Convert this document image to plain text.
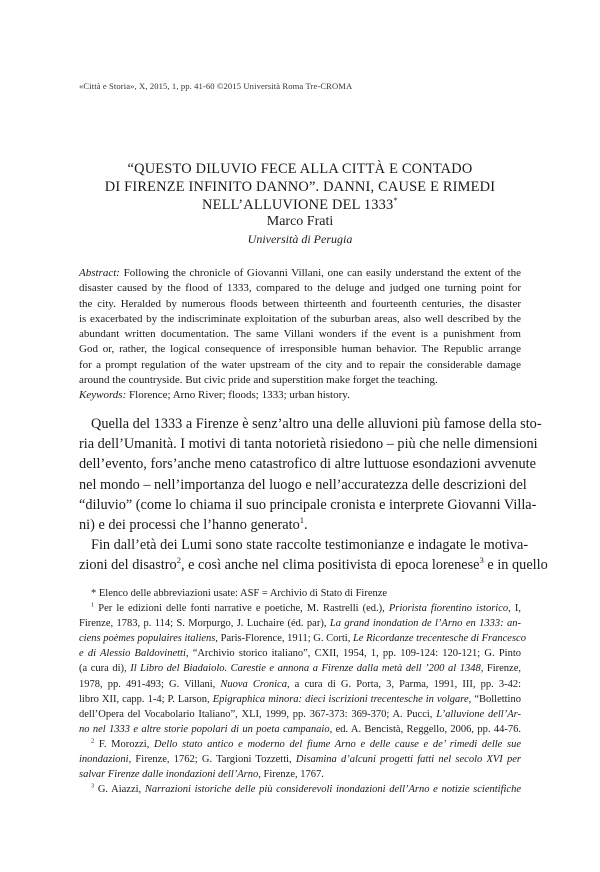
«Città e Storia», X, 2015, 1, pp. 41-60 ©2015 Università Roma Tre-CROMA
“QUESTO DILUVIO FECE ALLA CITTÀ E CONTADO
DI FIRENZE INFINITO DANNO”. DANNI, CAUSE E RIMEDI
NELL’ALLUVIONE DEL 1333*
Marco Frati
Università di Perugia
Abstract: Following the chronicle of Giovanni Villani, one can easily understand the extent of the
disaster caused by the flood of 1333, compared to the deluge and judged one turning point for
the city. Heralded by numerous floods between thirteenth and fourteenth centuries, the disaster
is exacerbated by the indiscriminate exploitation of the suburban areas, also well described by the
abundant written documentation. The same Villani wonders if the event is a punishment from
God or, rather, the logical consequence of irresponsible human behavior. The Republic arrange
for a prompt regulation of the water upstream of the city and to repair the considerable damage
around the countryside. But civic pride and superstition make forget the teaching.
Keywords: Florence; Arno River; floods; 1333; urban history.
Quella del 1333 a Firenze è senz’altro una delle alluvioni più famose della sto-
ria dell’Umanità. I motivi di tanta notorietà risiedono – più che nelle dimensioni
dell’evento, fors’anche meno catastrofico di altre luttuose esondazioni avvenute
nel mondo – nell’importanza del luogo e nell’accuratezza delle descrizioni del
“diluvio” (come lo chiama il suo principale cronista e interprete Giovanni Villa-
ni) e dei processi che l’hanno generato$^1$.
Fin dall’età dei Lumi sono state raccolte testimonianze e indagate le motiva-
zioni del disastro$^2$, e così anche nel clima positivista di epoca lorenese$^3$ e in quello
* Elenco delle abbreviazioni usate: ASF = Archivio di Stato di Firenze
$^1$ Per le edizioni delle fonti narrative e poetiche, M. Rastrelli (ed.), Priorista fiorentino istorico, I,
Firenze, 1783, p. 114; S. Morpurgo, J. Luchaire (éd. par), La grand inondation de l’Arno en 1333: an-
ciens poèmes populaires italiens, Paris-Florence, 1911; G. Corti, Le Ricordanze trecentesche di Francesco
e di Alessio Baldovinetti, “Archivio storico italiano”, CXII, 1954, 1, pp. 109-124: 120-121; G. Pinto
(a cura di), Il Libro del Biadaiolo. Carestie e annona a Firenze dalla metà dell ’200 al 1348, Firenze,
1978, pp. 491-493; G. Villani, Nuova Cronica, a cura di G. Porta, 3, Parma, 1991, III, pp. 3-42:
libro XII, capp. 1-4; P. Larson, Epigraphica minora: dieci iscrizioni trecentesche in volgare, “Bollettino
dell’Opera del Vocabolario Italiano”, XLI, 1999, pp. 367-373: 369-370; A. Pucci, L’alluvione dell’Ar-
no nel 1333 e altre storie popolari di un poeta campanaio, ed. A. Bencistà, Reggello, 2006, pp. 44-76.
$^2$ F. Morozzi, Dello stato antico e moderno del fiume Arno e delle cause e de’ rimedi delle sue
inondazioni, Firenze, 1762; G. Targioni Tozzetti, Disamina d’alcuni progetti fatti nel secolo XVI per
salvar Firenze dalle inondazioni dell’Arno, Firenze, 1767.
$^3$ G. Aiazzi, Narrazioni istoriche delle più considerevoli inondazioni dell’Arno e notizie scientifiche
